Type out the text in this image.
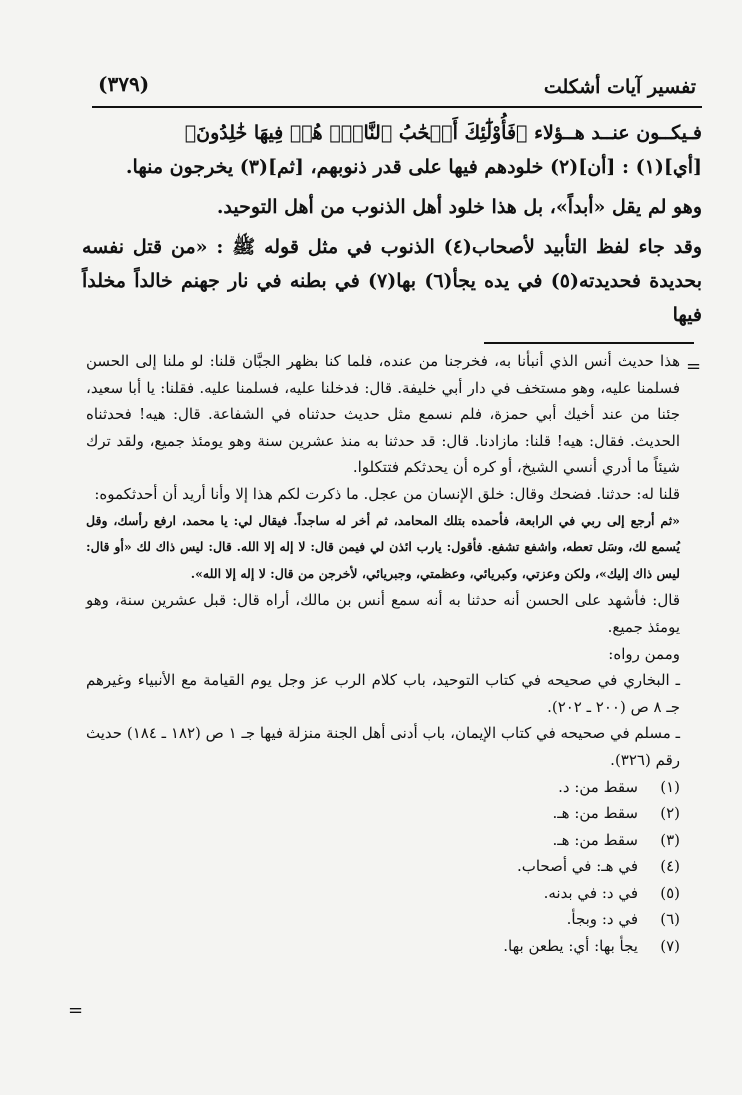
تفسير آيات أشكلت
(٣٧٩)

فـيكــون عنــد هــؤلاء ﴿فَأُوْلَٰٓئِكَ أَصۡحَٰبُ ٱلنَّارِۖ هُمۡ فِيهَا خَٰلِدُونَ﴾

[أي](١) : [أن](٢) خلودهم فيها على قدر ذنوبهم، [ثم](٣) يخرجون منها.

وهو لم يقل «أبداً»، بل هذا خلود أهل الذنوب من أهل التوحيد.

وقد جاء لفظ التأبيد لأصحاب(٤) الذنوب في مثل قوله ﷺ : «من قتل نفسه بحديدة فحديدته(٥) في يده يجأ(٦) بها(٧) في بطنه في نار جهنم خالداً مخلداً فيها

=

هذا حديث أنس الذي أنبأنا به، فخرجنا من عنده، فلما كنا بظهر الجبَّان قلنا: لو ملنا إلى الحسن فسلمنا عليه، وهو مستخف في دار أبي خليفة. قال: فدخلنا عليه، فسلمنا عليه. فقلنا: يا أبا سعيد، جئنا من عند أخيك أبي حمزة، فلم نسمع مثل حديث حدثناه في الشفاعة. قال: هيه! فحدثناه الحديث. فقال: هيه! قلنا: مازادنا. قال: قد حدثنا به منذ عشرين سنة وهو يومئذ جميع، ولقد ترك شيئاً ما أدري أنسي الشيخ، أو كره أن يحدثكم فتتكلوا.

قلنا له: حدثنا. فضحك وقال: خلق الإنسان من عجل. ما ذكرت لكم هذا إلا وأنا أريد أن أحدثكموه:

«ثم أرجع إلى ربي في الرابعة، فأحمده بتلك المحامد، ثم أخر له ساجداً. فيقال لي: يا محمد، ارفع رأسك، وقل يُسمع لك، وسَل تعطه، واشفع تشفع. فأقول: يارب ائذن لي فيمن قال: لا إله إلا الله. قال: ليس ذاك لك «أو قال: ليس ذاك إليك»، ولكن وعزتي، وكبريائي، وعظمتي، وجبريائي، لأخرجن من قال: لا إله إلا الله».

قال: فأشهد على الحسن أنه حدثنا به أنه سمع أنس بن مالك، أراه قال: قبل عشرين سنة، وهو يومئذ جميع.

وممن رواه:

ـ البخاري في صحيحه في كتاب التوحيد، باب كلام الرب عز وجل يوم القيامة مع الأنبياء وغيرهم جـ ٨ ص (٢٠٠ ـ ٢٠٢).

ـ مسلم في صحيحه في كتاب الإيمان، باب أدنى أهل الجنة منزلة فيها جـ ١ ص (١٨٢ ـ ١٨٤) حديث رقم (٣٢٦).

(١)
سقط من: د.
(٢)
سقط من: هـ.
(٣)
سقط من: هـ.
(٤)
في هـ: في أصحاب.
(٥)
في د: في بدنه.
(٦)
في د: وبجأ.
(٧)
يجأ بها: أي: يطعن بها.
=
